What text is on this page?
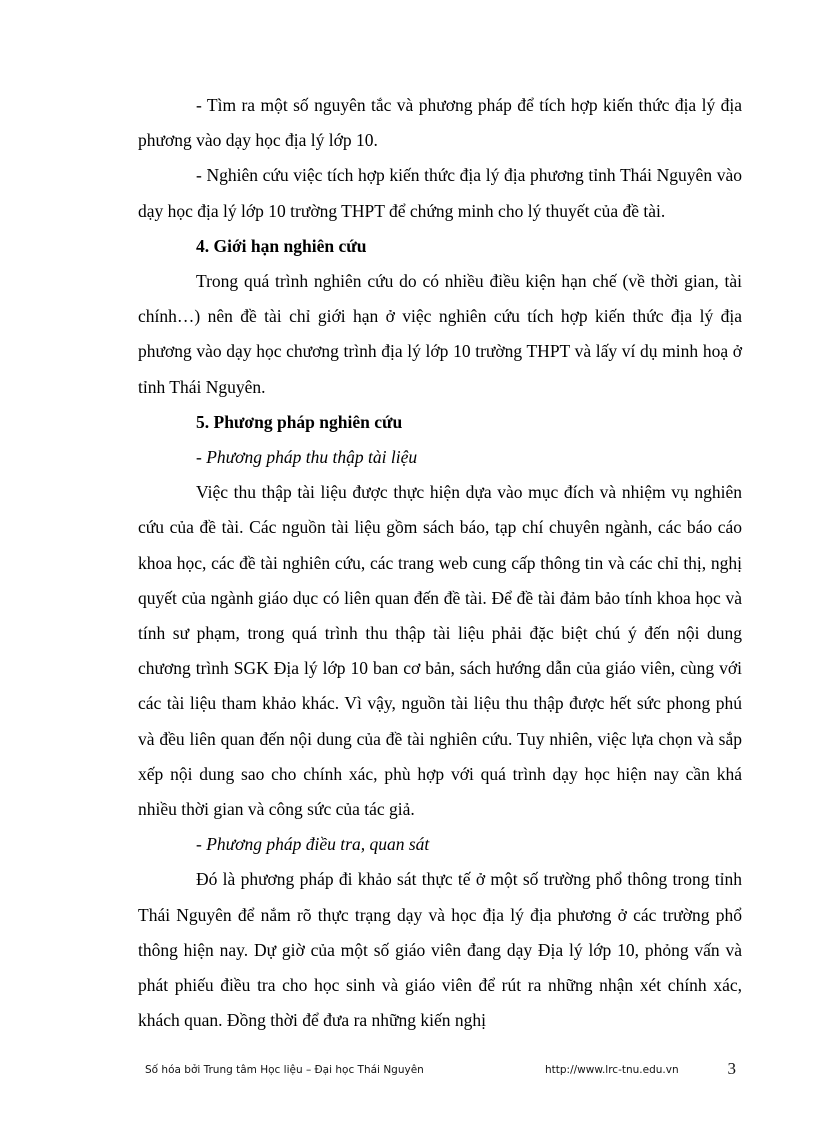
- Tìm ra một số nguyên tắc và phương pháp để tích hợp kiến thức địa lý địa phương vào dạy học địa lý lớp 10.

- Nghiên cứu việc tích hợp kiến thức địa lý địa phương tỉnh Thái Nguyên vào dạy học địa lý lớp 10 trường THPT để chứng minh cho lý thuyết của đề tài.

4. Giới hạn nghiên cứu

Trong quá trình nghiên cứu do có nhiều điều kiện hạn chế (về thời gian, tài chính…) nên đề tài chỉ giới hạn ở việc nghiên cứu tích hợp kiến thức địa lý địa phương vào dạy học chương trình địa lý lớp 10 trường THPT và lấy ví dụ minh hoạ ở tỉnh Thái Nguyên.

5. Phương pháp nghiên cứu

- Phương pháp thu thập tài liệu

Việc thu thập tài liệu được thực hiện dựa vào mục đích và nhiệm vụ nghiên cứu của đề tài. Các nguồn tài liệu gồm sách báo, tạp chí chuyên ngành, các báo cáo khoa học, các đề tài nghiên cứu, các trang web cung cấp thông tin và các chỉ thị, nghị quyết của ngành giáo dục có liên quan đến đề tài. Để đề tài đảm bảo tính khoa học và tính sư phạm, trong quá trình thu thập tài liệu phải đặc biệt chú ý đến nội dung chương trình SGK Địa lý lớp 10 ban cơ bản, sách hướng dẫn của giáo viên, cùng với các tài liệu tham khảo khác. Vì vậy, nguồn tài liệu thu thập được hết sức phong phú và đều liên quan đến nội dung của đề tài nghiên cứu. Tuy nhiên, việc lựa chọn và sắp xếp nội dung sao cho chính xác, phù hợp với quá trình dạy học hiện nay cần khá nhiều thời gian và công sức của tác giả.

- Phương pháp điều tra, quan sát

Đó là phương pháp đi khảo sát thực tế ở một số trường phổ thông trong tỉnh Thái Nguyên để nắm rõ thực trạng dạy và học địa lý địa phương ở các trường phổ thông hiện nay. Dự giờ của một số giáo viên đang dạy Địa lý lớp 10, phỏng vấn và phát phiếu điều tra cho học sinh và giáo viên để rút ra những nhận xét chính xác, khách quan. Đồng thời để đưa ra những kiến nghị

Số hóa bởi Trung tâm Học liệu – Đại học Thái Nguyên	http://www.lrc-tnu.edu.vn	3
